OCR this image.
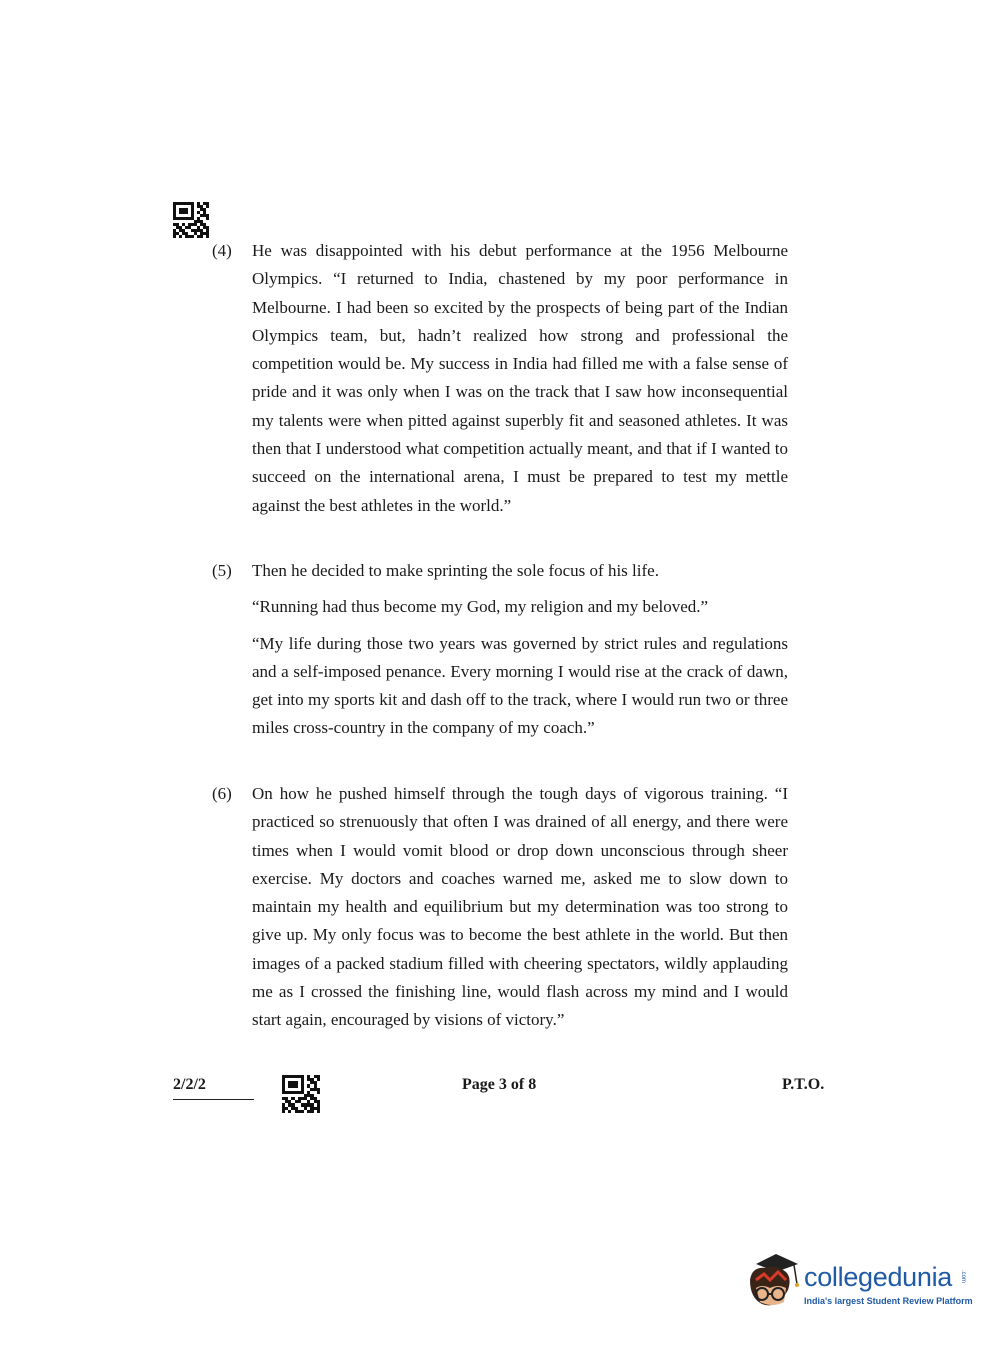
(4)	He was disappointed with his debut performance at the 1956 Melbourne Olympics. “I returned to India, chastened by my poor performance in Melbourne. I had been so excited by the prospects of being part of the Indian Olympics team, but, hadn’t realized how strong and professional the competition would be. My success in India had filled me with a false sense of pride and it was only when I was on the track that I saw how inconsequential my talents were when pitted against superbly fit and seasoned athletes. It was then that I understood what competition actually meant, and that if I wanted to succeed on the international arena, I must be prepared to test my mettle against the best athletes in the world.”

(5)	Then he decided to make sprinting the sole focus of his life.

“Running had thus become my God, my religion and my beloved.”

“My life during those two years was governed by strict rules and regulations and a self-imposed penance. Every morning I would rise at the crack of dawn, get into my sports kit and dash off to the track, where I would run two or three miles cross-country in the company of my coach.”

(6)	On how he pushed himself through the tough days of vigorous training. “I practiced so strenuously that often I was drained of all energy, and there were times when I would vomit blood or drop down unconscious through sheer exercise. My doctors and coaches warned me, asked me to slow down to maintain my health and equilibrium but my determination was too strong to give up. My only focus was to become the best athlete in the world. But then images of a packed stadium filled with cheering spectators, wildly applauding me as I crossed the finishing line, would flash across my mind and I would start again, encouraged by visions of victory.”

2/2/2	Page 3 of 8	P.T.O.
collegedunia .com
India's largest Student Review Platform
